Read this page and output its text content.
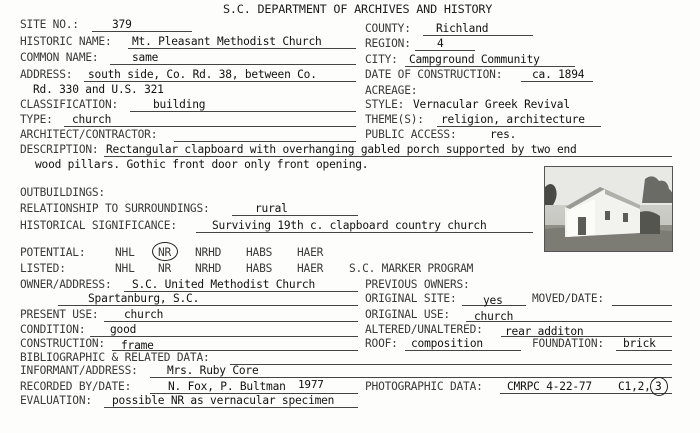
S.C. DEPARTMENT OF ARCHIVES AND HISTORY
SITE NO.:	379	COUNTY: Richland
HISTORIC NAME: Mt. Pleasant Methodist Church	REGION: 4
COMMON NAME:	same	CITY: Campground Community
ADDRESS: south side, Co. Rd. 38, between Co.
Rd. 330 and U.S. 321
DATE OF CONSTRUCTION:	ca. 1894
ACREAGE:
CLASSIFICATION:	building	STYLE: Vernacular Greek Revival
TYPE: church	THEME(S): religion, architecture
ARCHITECT/CONTRACTOR:	PUBLIC ACCESS:	res.
DESCRIPTION: Rectangular clapboard with overhanging gabled porch supported by two end
wood pillars. Gothic front door only front opening.
OUTBUILDINGS:
RELATIONSHIP TO SURROUNDINGS:	rural
HISTORICAL SIGNIFICANCE:	Surviving 19th c. clapboard country church
POTENTIAL:	NHL NR NRHD HABS HAER
LISTED:	NHL NR NRHD HABS HAER S.C. MARKER PROGRAM
OWNER/ADDRESS: S.C. United Methodist Church	PREVIOUS OWNERS:
Spartanburg, S.C.	ORIGINAL SITE: yes	MOVED/DATE:
PRESENT USE: church	ORIGINAL USE: church
CONDITION: good	ALTERED/UNALTERED: rear additon
CONSTRUCTION: frame	ROOF: composition	FOUNDATION: brick
BIBLIOGRAPHIC & RELATED DATA:
INFORMANT/ADDRESS:	Mrs. Ruby Core
RECORDED BY/DATE:	N. Fox, P. Bultman 1977	PHOTOGRAPHIC DATA: CMRPC 4-22-77 C1,2, 3
EVALUATION: possible NR as vernacular specimen
